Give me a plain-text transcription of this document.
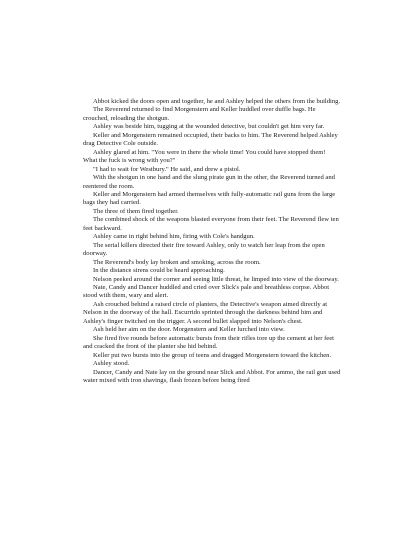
Abbot kicked the doors open and together, he and Ashley helped the others from the building.

The Reverend returned to find Morgenstern and Keller huddled over duffle bags. He crouched, reloading the shotgun.

Ashley was beside him, tugging at the wounded detective, but couldn't get him very far.

Keller and Morgenstern remained occupied, their backs to him. The Reverend helped Ashley drag Detective Cole outside.

Ashley glared at him. "You were in there the whole time! You could have stopped them! What the fuck is wrong with you?"

"I had to wait for Westbury." He said, and drew a pistol.

With the shotgun in one hand and the slung pirate gun in the other, the Reverend turned and reentered the room.

Keller and Morgenstern had armed themselves with fully-automatic rail guns from the large bags they had carried.

The three of them fired together.

The combined shock of the weapons blasted everyone from their feet. The Reverend flew ten feet backward.

Ashley came in right behind him, firing with Cole's handgun.

The serial killers directed their fire toward Ashley, only to watch her leap from the open doorway.

The Reverend's body lay broken and smoking, across the room.

In the distance sirens could be heard approaching.

Nelson peeked around the corner and seeing little threat, he limped into view of the doorway.

Nate, Candy and Dancer huddled and cried over Slick's pale and breathless corpse. Abbot stood with them, wary and alert.

Ash crouched behind a raised circle of planters, the Detective's weapon aimed directly at Nelson in the doorway of the hall. Escurrido sprinted through the darkness behind him and Ashley's finger twitched on the trigger. A second bullet slapped into Nelson's chest.

Ash held her aim on the door. Morgenstern and Keller lurched into view.

She fired five rounds before automatic bursts from their rifles tore up the cement at her feet and cracked the front of the planter she hid behind.

Keller put two bursts into the group of teens and dragged Morgenstern toward the kitchen.

Ashley stood.

Dancer, Candy and Nate lay on the ground near Slick and Abbot. For ammo, the rail gun used water mixed with iron shavings, flash frozen before being fired
